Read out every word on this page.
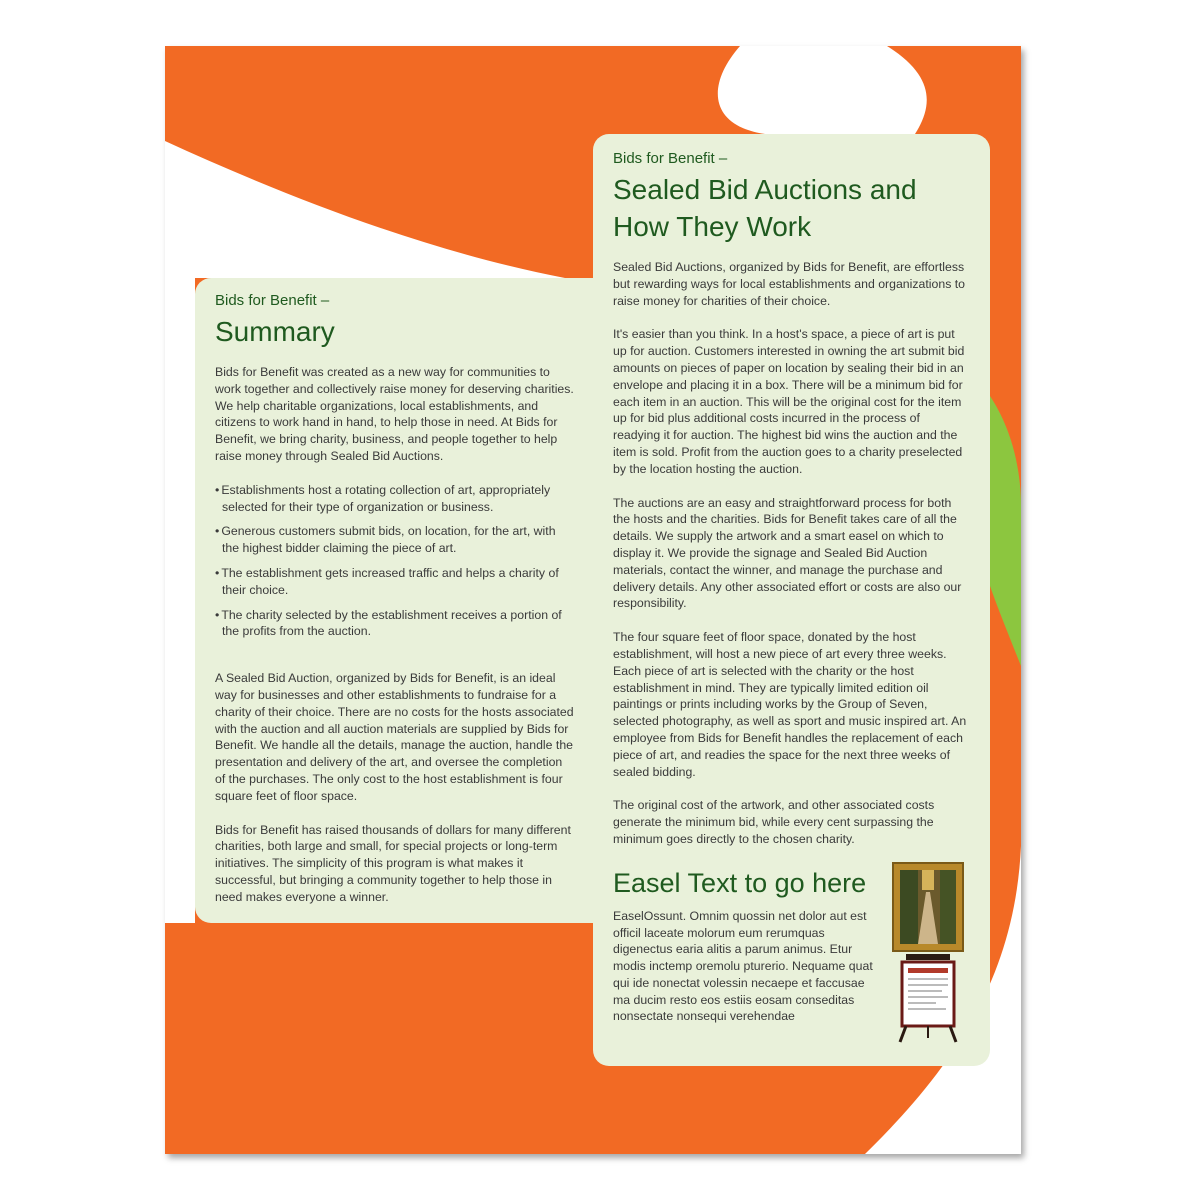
Bids for Benefit –

Summary

Bids for Benefit was created as a new way for communities to work together and collectively raise money for deserving charities. We help charitable organizations, local establishments, and citizens to work hand in hand, to help those in need. At Bids for Benefit, we bring charity, business, and people together to help raise money through Sealed Bid Auctions.

• Establishments host a rotating collection of art, appropriately selected for their type of organization or business.
• Generous customers submit bids, on location, for the art, with the highest bidder claiming the piece of art.
• The establishment gets increased traffic and helps a charity of their choice.
• The charity selected by the establishment receives a portion of the profits from the auction.

A Sealed Bid Auction, organized by Bids for Benefit, is an ideal way for businesses and other establishments to fundraise for a charity of their choice. There are no costs for the hosts associated with the auction and all auction materials are supplied by Bids for Benefit. We handle all the details, manage the auction, handle the presentation and delivery of the art, and oversee the completion of the purchases. The only cost to the host establishment is four square feet of floor space.

Bids for Benefit has raised thousands of dollars for many different charities, both large and small, for special projects or long-term initiatives. The simplicity of this program is what makes it successful, but bringing a community together to help those in need makes everyone a winner.

Bids for Benefit –

Sealed Bid Auctions and
How They Work

Sealed Bid Auctions, organized by Bids for Benefit, are effortless but rewarding ways for local establishments and organizations to raise money for charities of their choice.

It's easier than you think. In a host's space, a piece of art is put up for auction. Customers interested in owning the art submit bid amounts on pieces of paper on location by sealing their bid in an envelope and placing it in a box. There will be a minimum bid for each item in an auction. This will be the original cost for the item up for bid plus additional costs incurred in the process of readying it for auction. The highest bid wins the auction and the item is sold. Profit from the auction goes to a charity preselected by the location hosting the auction.

The auctions are an easy and straightforward process for both the hosts and the charities. Bids for Benefit takes care of all the details. We supply the artwork and a smart easel on which to display it. We provide the signage and Sealed Bid Auction materials, contact the winner, and manage the purchase and delivery details. Any other associated effort or costs are also our responsibility.

The four square feet of floor space, donated by the host establishment, will host a new piece of art every three weeks. Each piece of art is selected with the charity or the host establishment in mind. They are typically limited edition oil paintings or prints including works by the Group of Seven, selected photography, as well as sport and music inspired art. An employee from Bids for Benefit handles the replacement of each piece of art, and readies the space for the next three weeks of sealed bidding.

The original cost of the artwork, and other associated costs generate the minimum bid, while every cent surpassing the minimum goes directly to the chosen charity.

Easel Text to go here

EaselOssunt. Omnim quossin net dolor aut est officil laceate molorum eum rerumquas digenectus earia alitis a parum animus. Etur modis inctemp oremolu pturerio. Nequame quat qui ide nonectat volessin necaepe et faccusae ma ducim resto eos estiis eosam conseditas nonsectate nonsequi verehendae
